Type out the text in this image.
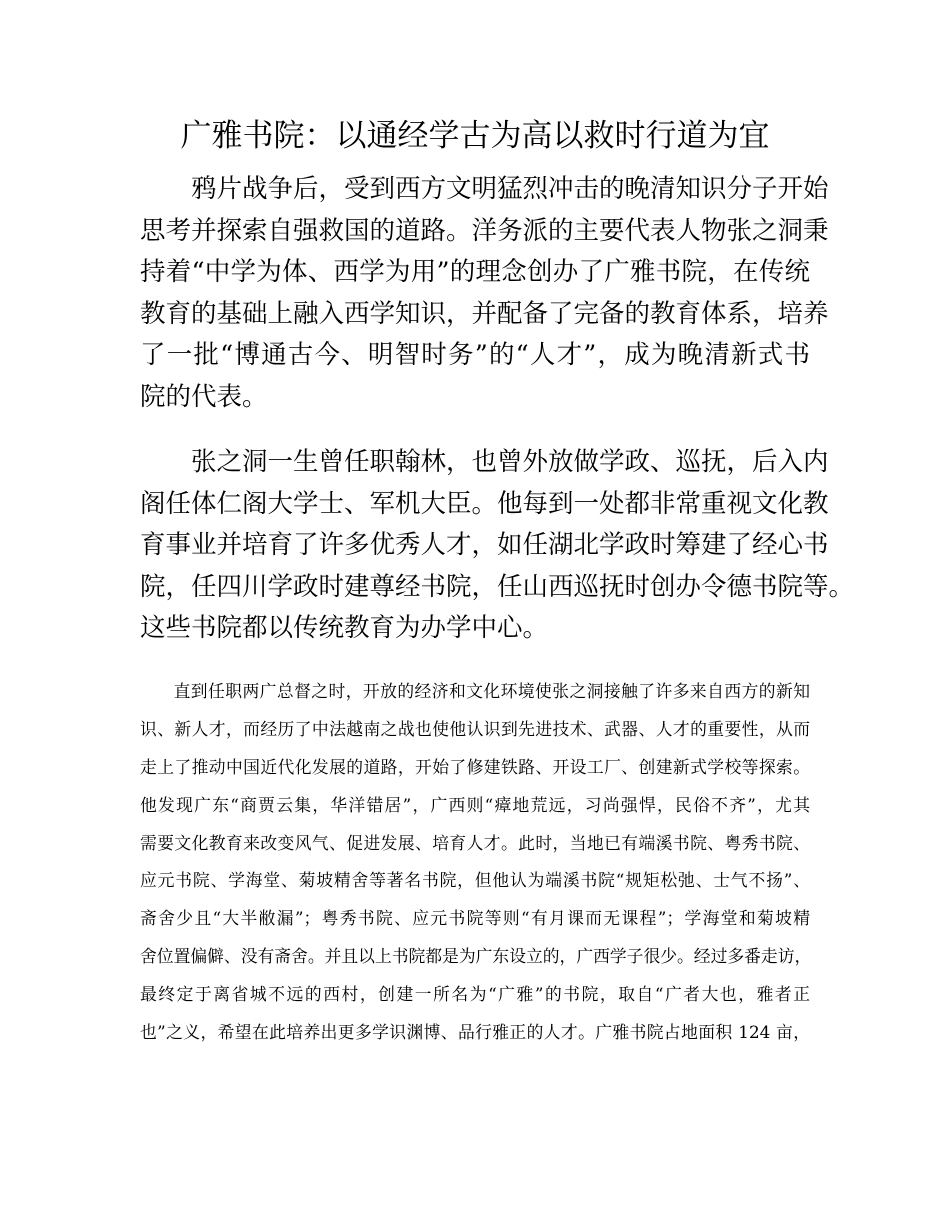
广雅书院：以通经学古为高以救时行道为宜
鸦片战争后，受到西方文明猛烈冲击的晚清知识分子开始
思考并探索自强救国的道路。洋务派的主要代表人物张之洞秉
持着“中学为体、西学为用”的理念创办了广雅书院，在传统
教育的基础上融入西学知识，并配备了完备的教育体系，培养
了一批“博通古今、明智时务”的“人才”，成为晚清新式书
院的代表。
张之洞一生曾任职翰林，也曾外放做学政、巡抚，后入内
阁任体仁阁大学士、军机大臣。他每到一处都非常重视文化教
育事业并培育了许多优秀人才，如任湖北学政时筹建了经心书
院，任四川学政时建尊经书院，任山西巡抚时创办令德书院等。
这些书院都以传统教育为办学中心。
直到任职两广总督之时，开放的经济和文化环境使张之洞接触了许多来自西方的新知
识、新人才，而经历了中法越南之战也使他认识到先进技术、武器、人才的重要性，从而
走上了推动中国近代化发展的道路，开始了修建铁路、开设工厂、创建新式学校等探索。
他发现广东“商贾云集，华洋错居”，广西则“瘴地荒远，习尚强悍，民俗不齐”，尤其
需要文化教育来改变风气、促进发展、培育人才。此时，当地已有端溪书院、粤秀书院、
应元书院、学海堂、菊坡精舍等著名书院，但他认为端溪书院“规矩松弛、士气不扬”、
斋舍少且“大半敝漏”；粤秀书院、应元书院等则“有月课而无课程”；学海堂和菊坡精
舍位置偏僻、没有斋舍。并且以上书院都是为广东设立的，广西学子很少。经过多番走访，
最终定于离省城不远的西村，创建一所名为“广雅”的书院，取自“广者大也，雅者正
也”之义，希望在此培养出更多学识渊博、品行雅正的人才。广雅书院占地面积 124 亩，
